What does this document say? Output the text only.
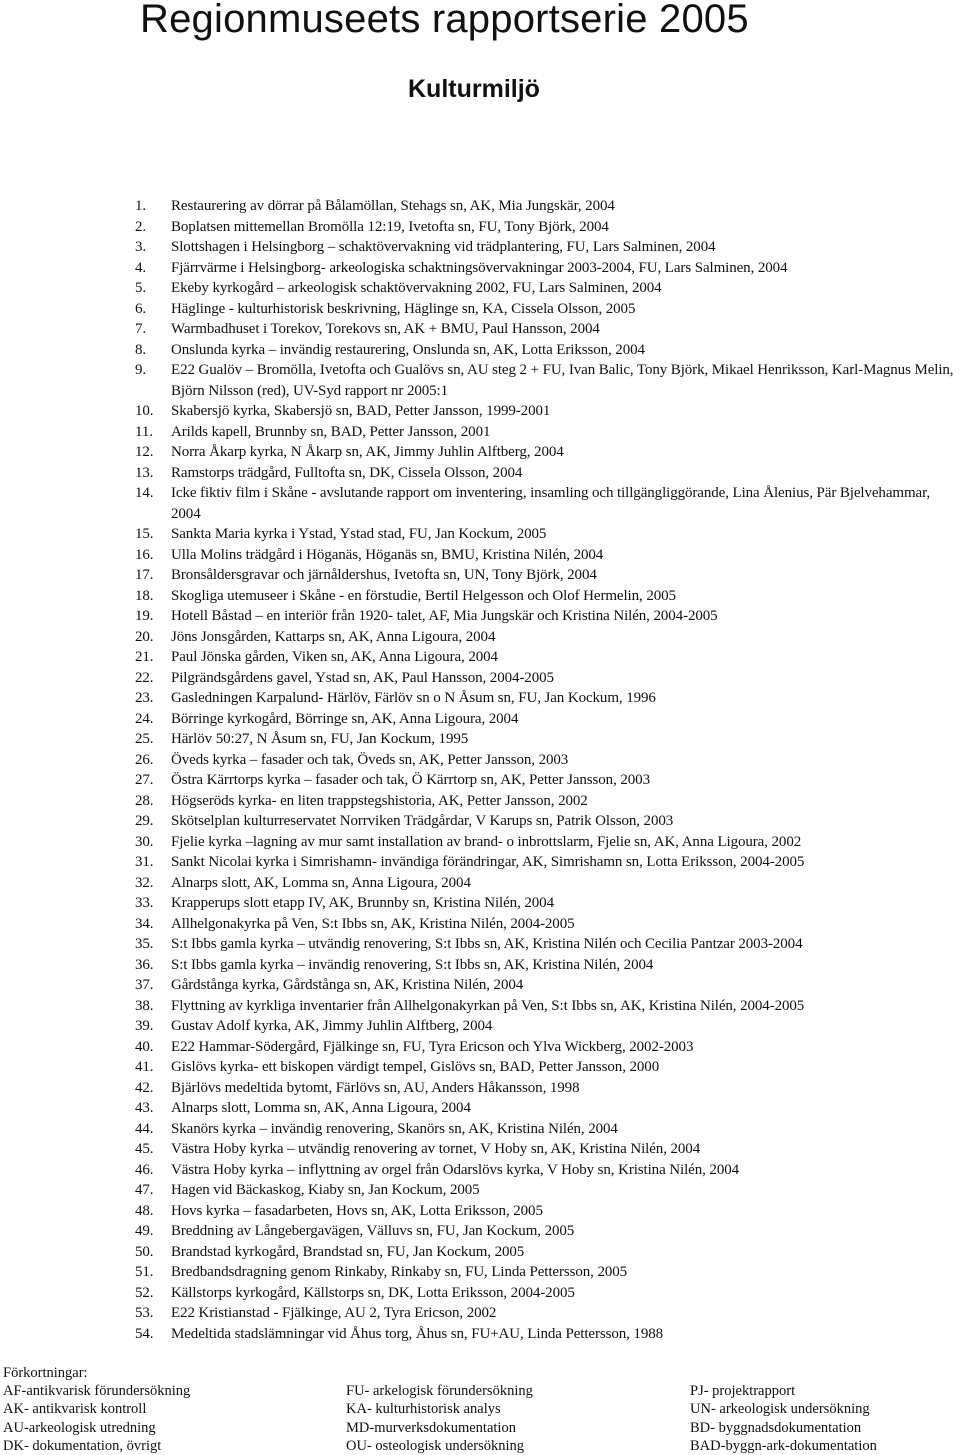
Regionmuseets rapportserie 2005
Kulturmiljö
1. Restaurering av dörrar på Bålamöllan, Stehags sn, AK, Mia Jungskär, 2004
2. Boplatsen mittemellan Bromölla 12:19, Ivetofta sn, FU, Tony Björk, 2004
3. Slottshagen i Helsingborg – schaktövervakning vid trädplantering, FU, Lars Salminen, 2004
4. Fjärrvärme i Helsingborg- arkeologiska schaktningsövervakningar 2003-2004, FU, Lars Salminen, 2004
5. Ekeby kyrkogård – arkeologisk schaktövervakning 2002, FU, Lars Salminen, 2004
6. Häglinge - kulturhistorisk beskrivning, Häglinge sn, KA, Cissela Olsson, 2005
7. Warmbadhuset i Torekov, Torekovs sn, AK + BMU, Paul Hansson, 2004
8. Onslunda kyrka – invändig restaurering, Onslunda sn, AK, Lotta Eriksson, 2004
9. E22 Gualöv – Bromölla, Ivetofta och Gualövs sn, AU steg 2 + FU, Ivan Balic, Tony Björk, Mikael Henriksson, Karl-Magnus Melin, Björn Nilsson (red), UV-Syd rapport nr 2005:1
10. Skabersjö kyrka, Skabersjö sn, BAD, Petter Jansson, 1999-2001
11. Arilds kapell, Brunnby sn, BAD, Petter Jansson, 2001
12. Norra Åkarp kyrka, N Åkarp sn, AK, Jimmy Juhlin Alftberg, 2004
13. Ramstorps trädgård, Fulltofta sn, DK, Cissela Olsson, 2004
14. Icke fiktiv film i Skåne - avslutande rapport om inventering, insamling och tillgängliggörande, Lina Ålenius, Pär Bjelvehammar, 2004
15. Sankta Maria kyrka i Ystad, Ystad stad, FU, Jan Kockum, 2005
16. Ulla Molins trädgård i Höganäs, Höganäs sn, BMU, Kristina Nilén, 2004
17. Bronsåldersgravar och järnåldershus, Ivetofta sn, UN, Tony Björk, 2004
18. Skogliga utemuseer i Skåne - en förstudie, Bertil Helgesson och Olof Hermelin, 2005
19. Hotell Båstad – en interiör från 1920- talet, AF, Mia Jungskär och Kristina Nilén, 2004-2005
20. Jöns Jonsgården, Kattarps sn, AK, Anna Ligoura, 2004
21. Paul Jönska gården, Viken sn, AK, Anna Ligoura, 2004
22. Pilgrändsgårdens gavel, Ystad sn, AK, Paul Hansson, 2004-2005
23. Gasledningen Karpalund- Härlöv, Färlöv sn o N Åsum sn, FU, Jan Kockum, 1996
24. Börringe kyrkogård, Börringe sn, AK, Anna Ligoura, 2004
25. Härlöv 50:27, N Åsum sn, FU, Jan Kockum, 1995
26. Öveds kyrka – fasader och tak, Öveds sn, AK, Petter Jansson, 2003
27. Östra Kärrtorps kyrka – fasader och tak, Ö Kärrtorp sn, AK, Petter Jansson, 2003
28. Högseröds kyrka- en liten trappstegshistoria, AK, Petter Jansson, 2002
29. Skötselplan kulturreservatet Norrviken Trädgårdar, V Karups sn, Patrik Olsson, 2003
30. Fjelie kyrka –lagning av mur samt installation av brand- o inbrottslarm, Fjelie sn, AK, Anna Ligoura, 2002
31. Sankt Nicolai kyrka i Simrishamn- invändiga förändringar, AK, Simrishamn sn, Lotta Eriksson, 2004-2005
32. Alnarps slott, AK, Lomma sn, Anna Ligoura, 2004
33. Krapperups slott etapp IV, AK, Brunnby sn, Kristina Nilén, 2004
34. Allhelgonakyrka på Ven, S:t Ibbs sn, AK, Kristina Nilén, 2004-2005
35. S:t Ibbs gamla kyrka – utvändig renovering, S:t Ibbs sn, AK, Kristina Nilén och Cecilia Pantzar 2003-2004
36. S:t Ibbs gamla kyrka – invändig renovering, S:t Ibbs sn, AK, Kristina Nilén, 2004
37. Gårdstånga kyrka, Gårdstånga sn, AK, Kristina Nilén, 2004
38. Flyttning av kyrkliga inventarier från Allhelgonakyrkan på Ven, S:t Ibbs sn, AK, Kristina Nilén, 2004-2005
39. Gustav Adolf kyrka, AK, Jimmy Juhlin Alftberg, 2004
40. E22 Hammar-Södergård, Fjälkinge sn, FU, Tyra Ericson och Ylva Wickberg, 2002-2003
41. Gislövs kyrka- ett biskopen värdigt tempel, Gislövs sn, BAD, Petter Jansson, 2000
42. Bjärlövs medeltida bytomt, Färlövs sn, AU, Anders Håkansson, 1998
43. Alnarps slott, Lomma sn, AK, Anna Ligoura, 2004
44. Skanörs kyrka – invändig renovering, Skanörs sn, AK, Kristina Nilén, 2004
45. Västra Hoby kyrka – utvändig renovering av tornet, V Hoby sn, AK, Kristina Nilén, 2004
46. Västra Hoby kyrka – inflyttning av orgel från Odarslövs kyrka, V Hoby sn, Kristina Nilén, 2004
47. Hagen vid Bäckaskog, Kiaby sn, Jan Kockum, 2005
48. Hovs kyrka – fasadarbeten, Hovs sn, AK, Lotta Eriksson, 2005
49. Breddning av Långebergavägen, Välluvs sn, FU, Jan Kockum, 2005
50. Brandstad kyrkogård, Brandstad sn, FU, Jan Kockum, 2005
51. Bredbandsdragning genom Rinkaby, Rinkaby sn, FU, Linda Pettersson, 2005
52. Källstorps kyrkogård, Källstorps sn, DK, Lotta Eriksson, 2004-2005
53. E22 Kristianstad - Fjälkinge, AU 2, Tyra Ericson, 2002
54. Medeltida stadslämningar vid Åhus torg, Åhus sn, FU+AU, Linda Pettersson, 1988
Förkortningar:
AF-antikvarisk förundersökning	FU- arkelogisk förundersökning	PJ- projektrapport
AK- antikvarisk kontroll	KA- kulturhistorisk analys	UN- arkeologisk undersökning
AU-arkeologisk utredning	MD-murverksdokumentation	BD- byggnadsdokumentation
DK- dokumentation, övrigt	OU- osteologisk undersökning	BAD-byggn-ark-dokumentation
